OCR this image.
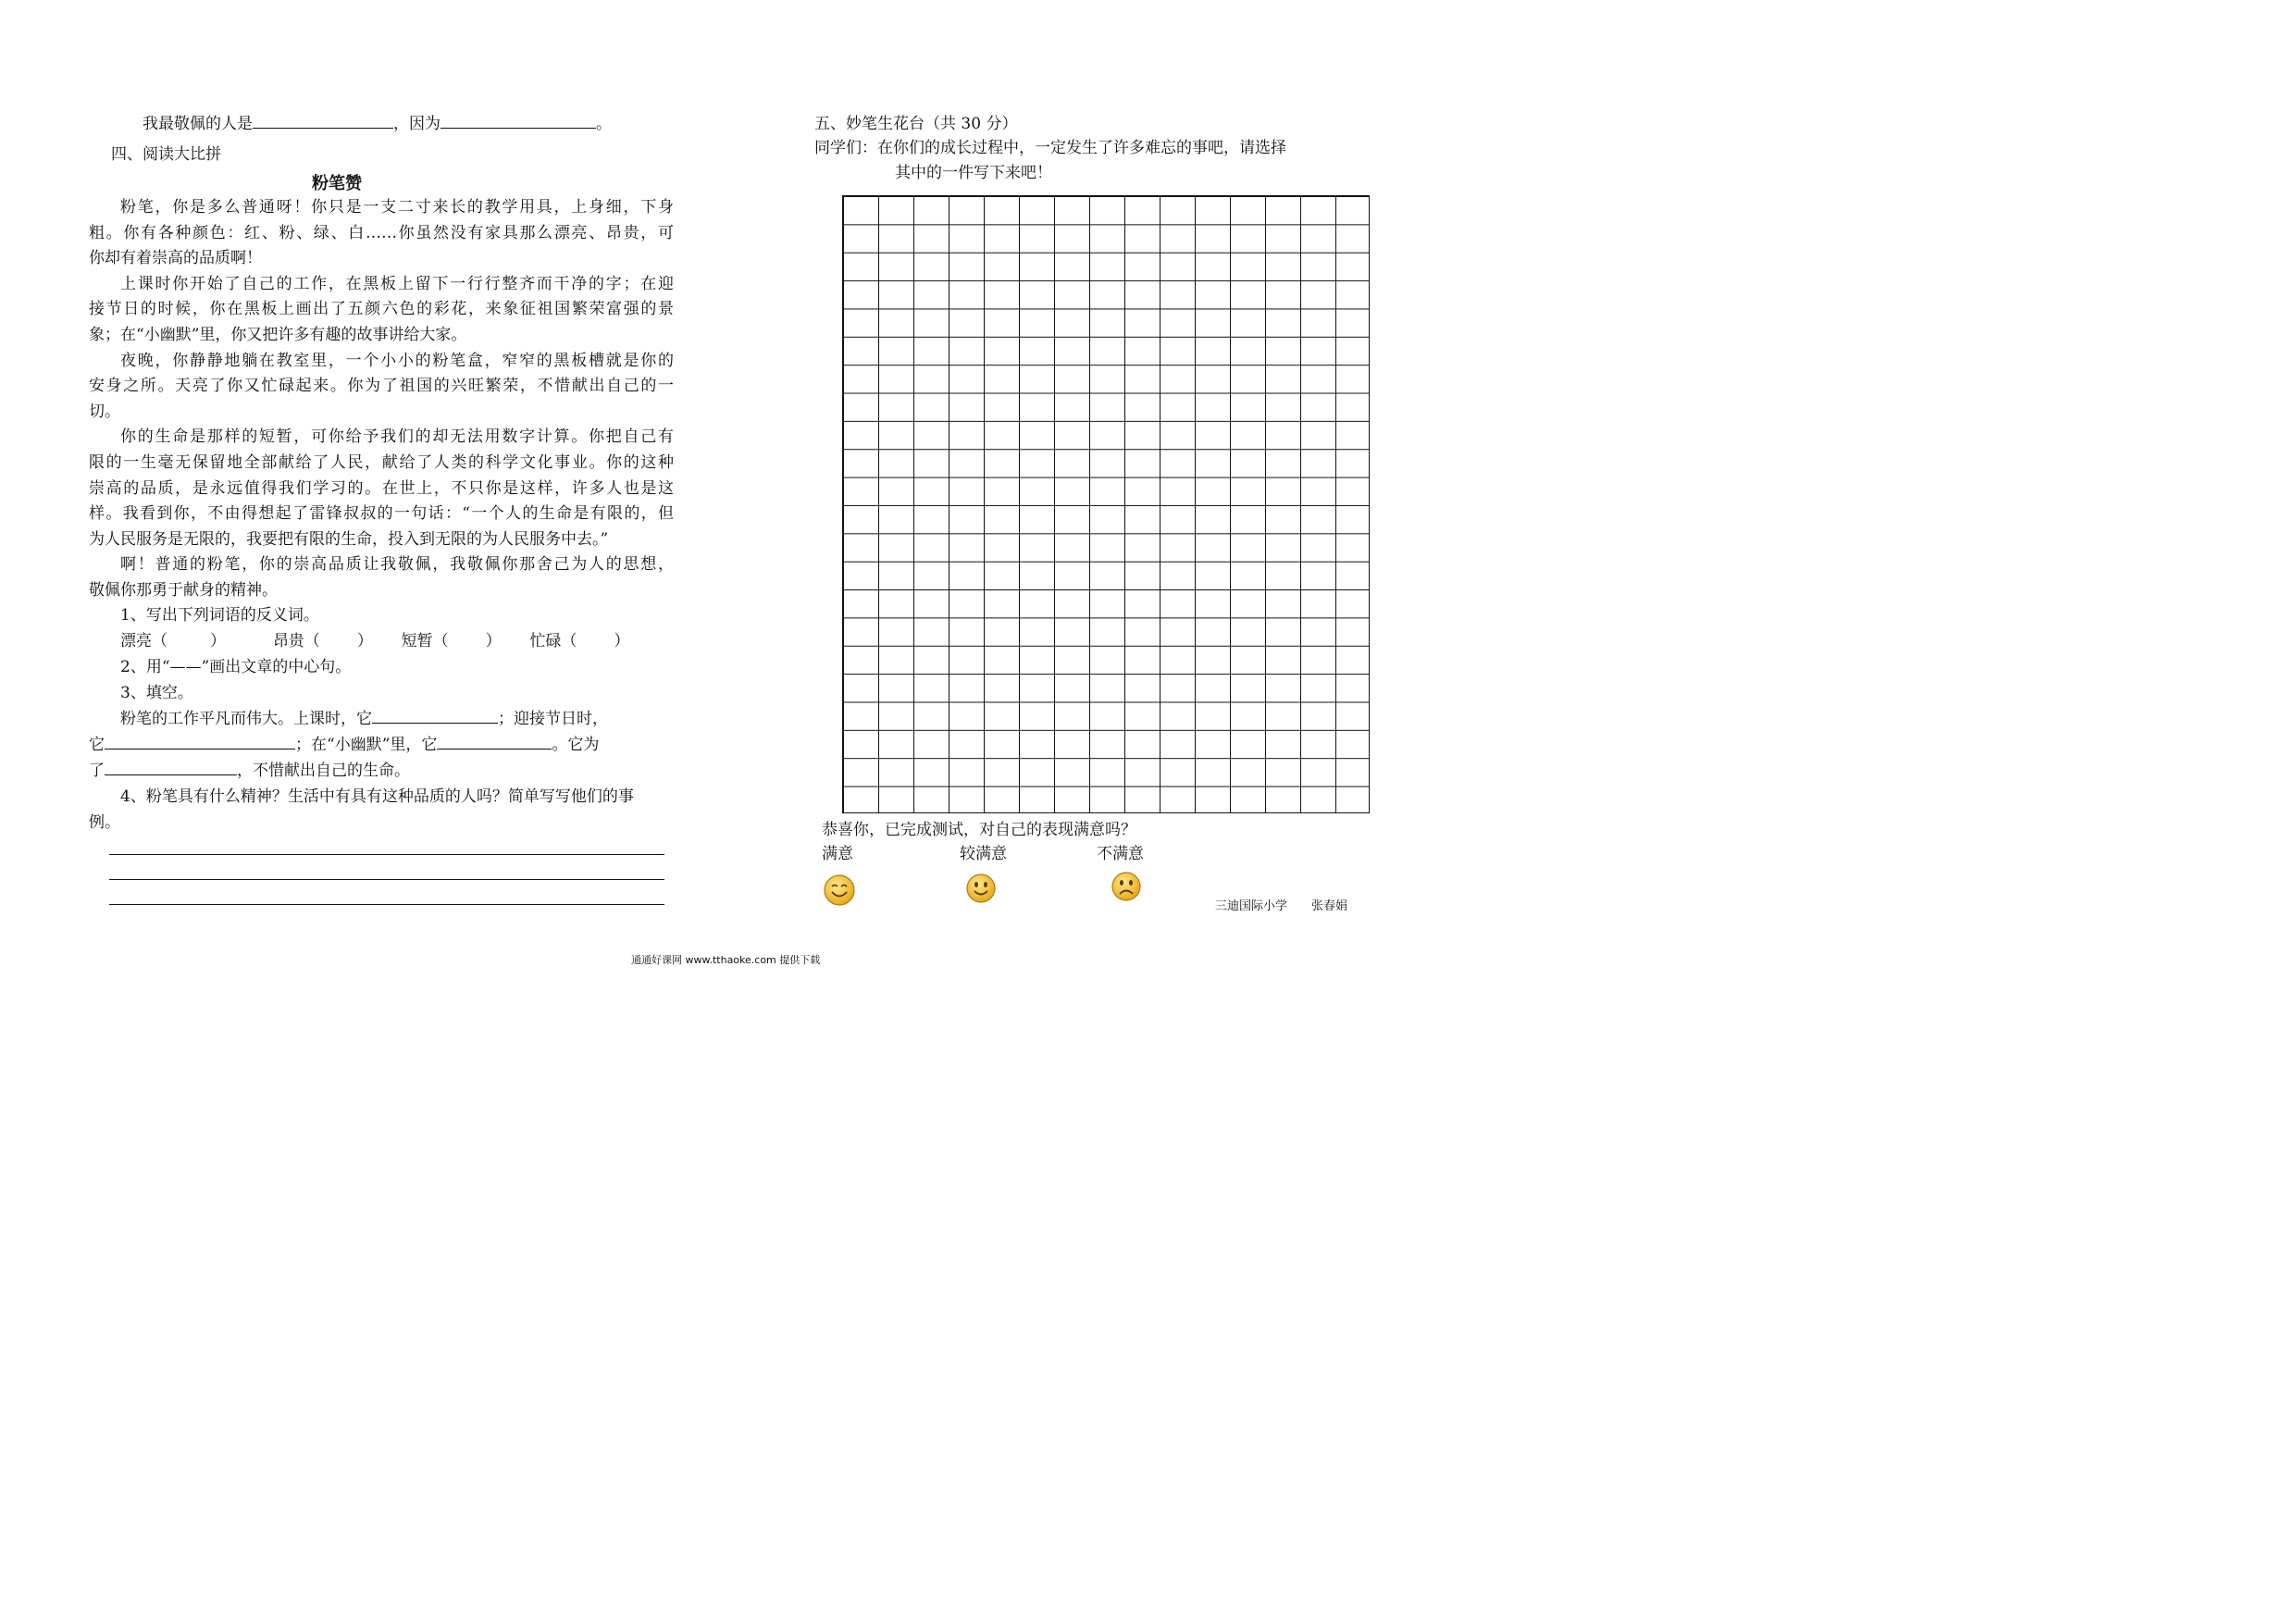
我最敬佩的人是	，因为	。
四、阅读大比拼
粉笔赞
粉笔，你是多么普通呀！你只是一支二寸来长的教学用具，上身细，下身
粗。你有各种颜色：红、粉、绿、白……你虽然没有家具那么漂亮、昂贵，可
你却有着崇高的品质啊！
上课时你开始了自己的工作，在黑板上留下一行行整齐而干净的字；在迎
接节日的时候，你在黑板上画出了五颜六色的彩花，来象征祖国繁荣富强的景
象；在“小幽默”里，你又把许多有趣的故事讲给大家。
夜晚，你静静地躺在教室里，一个小小的粉笔盒，窄窄的黑板槽就是你的
安身之所。天亮了你又忙碌起来。你为了祖国的兴旺繁荣，不惜献出自己的一
切。
你的生命是那样的短暂，可你给予我们的却无法用数字计算。你把自己有
限的一生毫无保留地全部献给了人民，献给了人类的科学文化事业。你的这种
崇高的品质，是永远值得我们学习的。在世上，不只你是这样，许多人也是这
样。我看到你，不由得想起了雷锋叔叔的一句话：“一个人的生命是有限的，但
为人民服务是无限的，我要把有限的生命，投入到无限的为人民服务中去。”
啊！普通的粉笔，你的崇高品质让我敬佩，我敬佩你那舍己为人的思想，
敬佩你那勇于献身的精神。
1、写出下列词语的反义词。
漂亮（	）	昂贵（ ） 短暂（ ） 忙碌（ ）
2、用“——”画出文章的中心句。
3、填空。
粉笔的工作平凡而伟大。上课时，它	；迎接节日时，
它	；在“小幽默”里，它	。它为
了	，不惜献出自己的生命。
4、粉笔具有什么精神？生活中有具有这种品质的人吗？简单写写他们的事
例。
五、妙笔生花台（共 30 分）
同学们：在你们的成长过程中，一定发生了许多难忘的事吧，请选择
其中的一件写下来吧！
恭喜你，已完成测试，对自己的表现满意吗？
满意	较满意	不满意
三迪国际小学　　张春娟
通通好课网 www.tthaoke.com 提供下载
